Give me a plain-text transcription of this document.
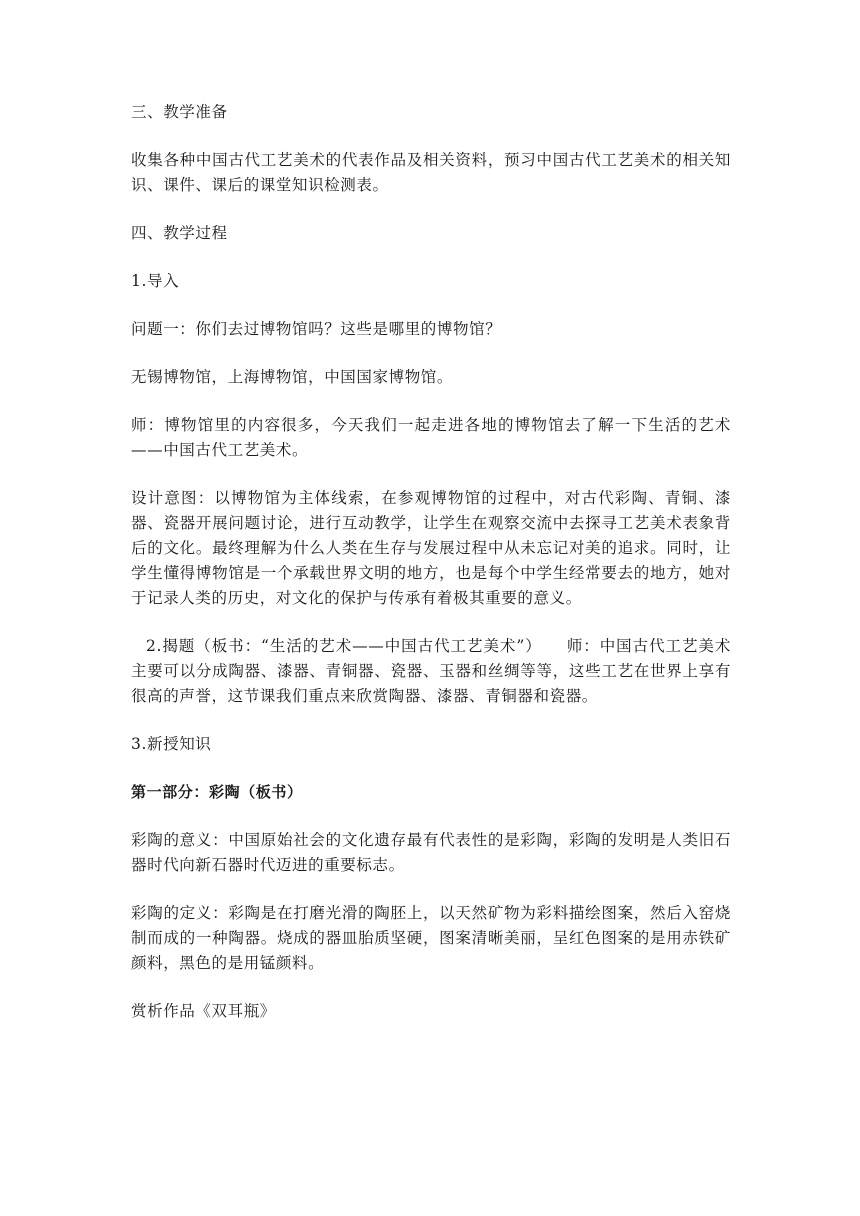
三、教学准备

收集各种中国古代工艺美术的代表作品及相关资料，预习中国古代工艺美术的相关知识、课件、课后的课堂知识检测表。

四、教学过程

1.导入

问题一：你们去过博物馆吗？这些是哪里的博物馆？

无锡博物馆，上海博物馆，中国国家博物馆。

师：博物馆里的内容很多，今天我们一起走进各地的博物馆去了解一下生活的艺术——中国古代工艺美术。

设计意图：以博物馆为主体线索，在参观博物馆的过程中，对古代彩陶、青铜、漆器、瓷器开展问题讨论，进行互动教学，让学生在观察交流中去探寻工艺美术表象背后的文化。最终理解为什么人类在生存与发展过程中从未忘记对美的追求。同时，让学生懂得博物馆是一个承载世界文明的地方，也是每个中学生经常要去的地方，她对于记录人类的历史，对文化的保护与传承有着极其重要的意义。

2.揭题（板书：“生活的艺术——中国古代工艺美术”）　　师：中国古代工艺美术主要可以分成陶器、漆器、青铜器、瓷器、玉器和丝绸等等，这些工艺在世界上享有很高的声誉，这节课我们重点来欣赏陶器、漆器、青铜器和瓷器。

3.新授知识

第一部分：彩陶（板书）

彩陶的意义：中国原始社会的文化遗存最有代表性的是彩陶，彩陶的发明是人类旧石器时代向新石器时代迈进的重要标志。

彩陶的定义：彩陶是在打磨光滑的陶胚上，以天然矿物为彩料描绘图案，然后入窑烧制而成的一种陶器。烧成的器皿胎质坚硬，图案清晰美丽，呈红色图案的是用赤铁矿颜料，黑色的是用锰颜料。

赏析作品《双耳瓶》
